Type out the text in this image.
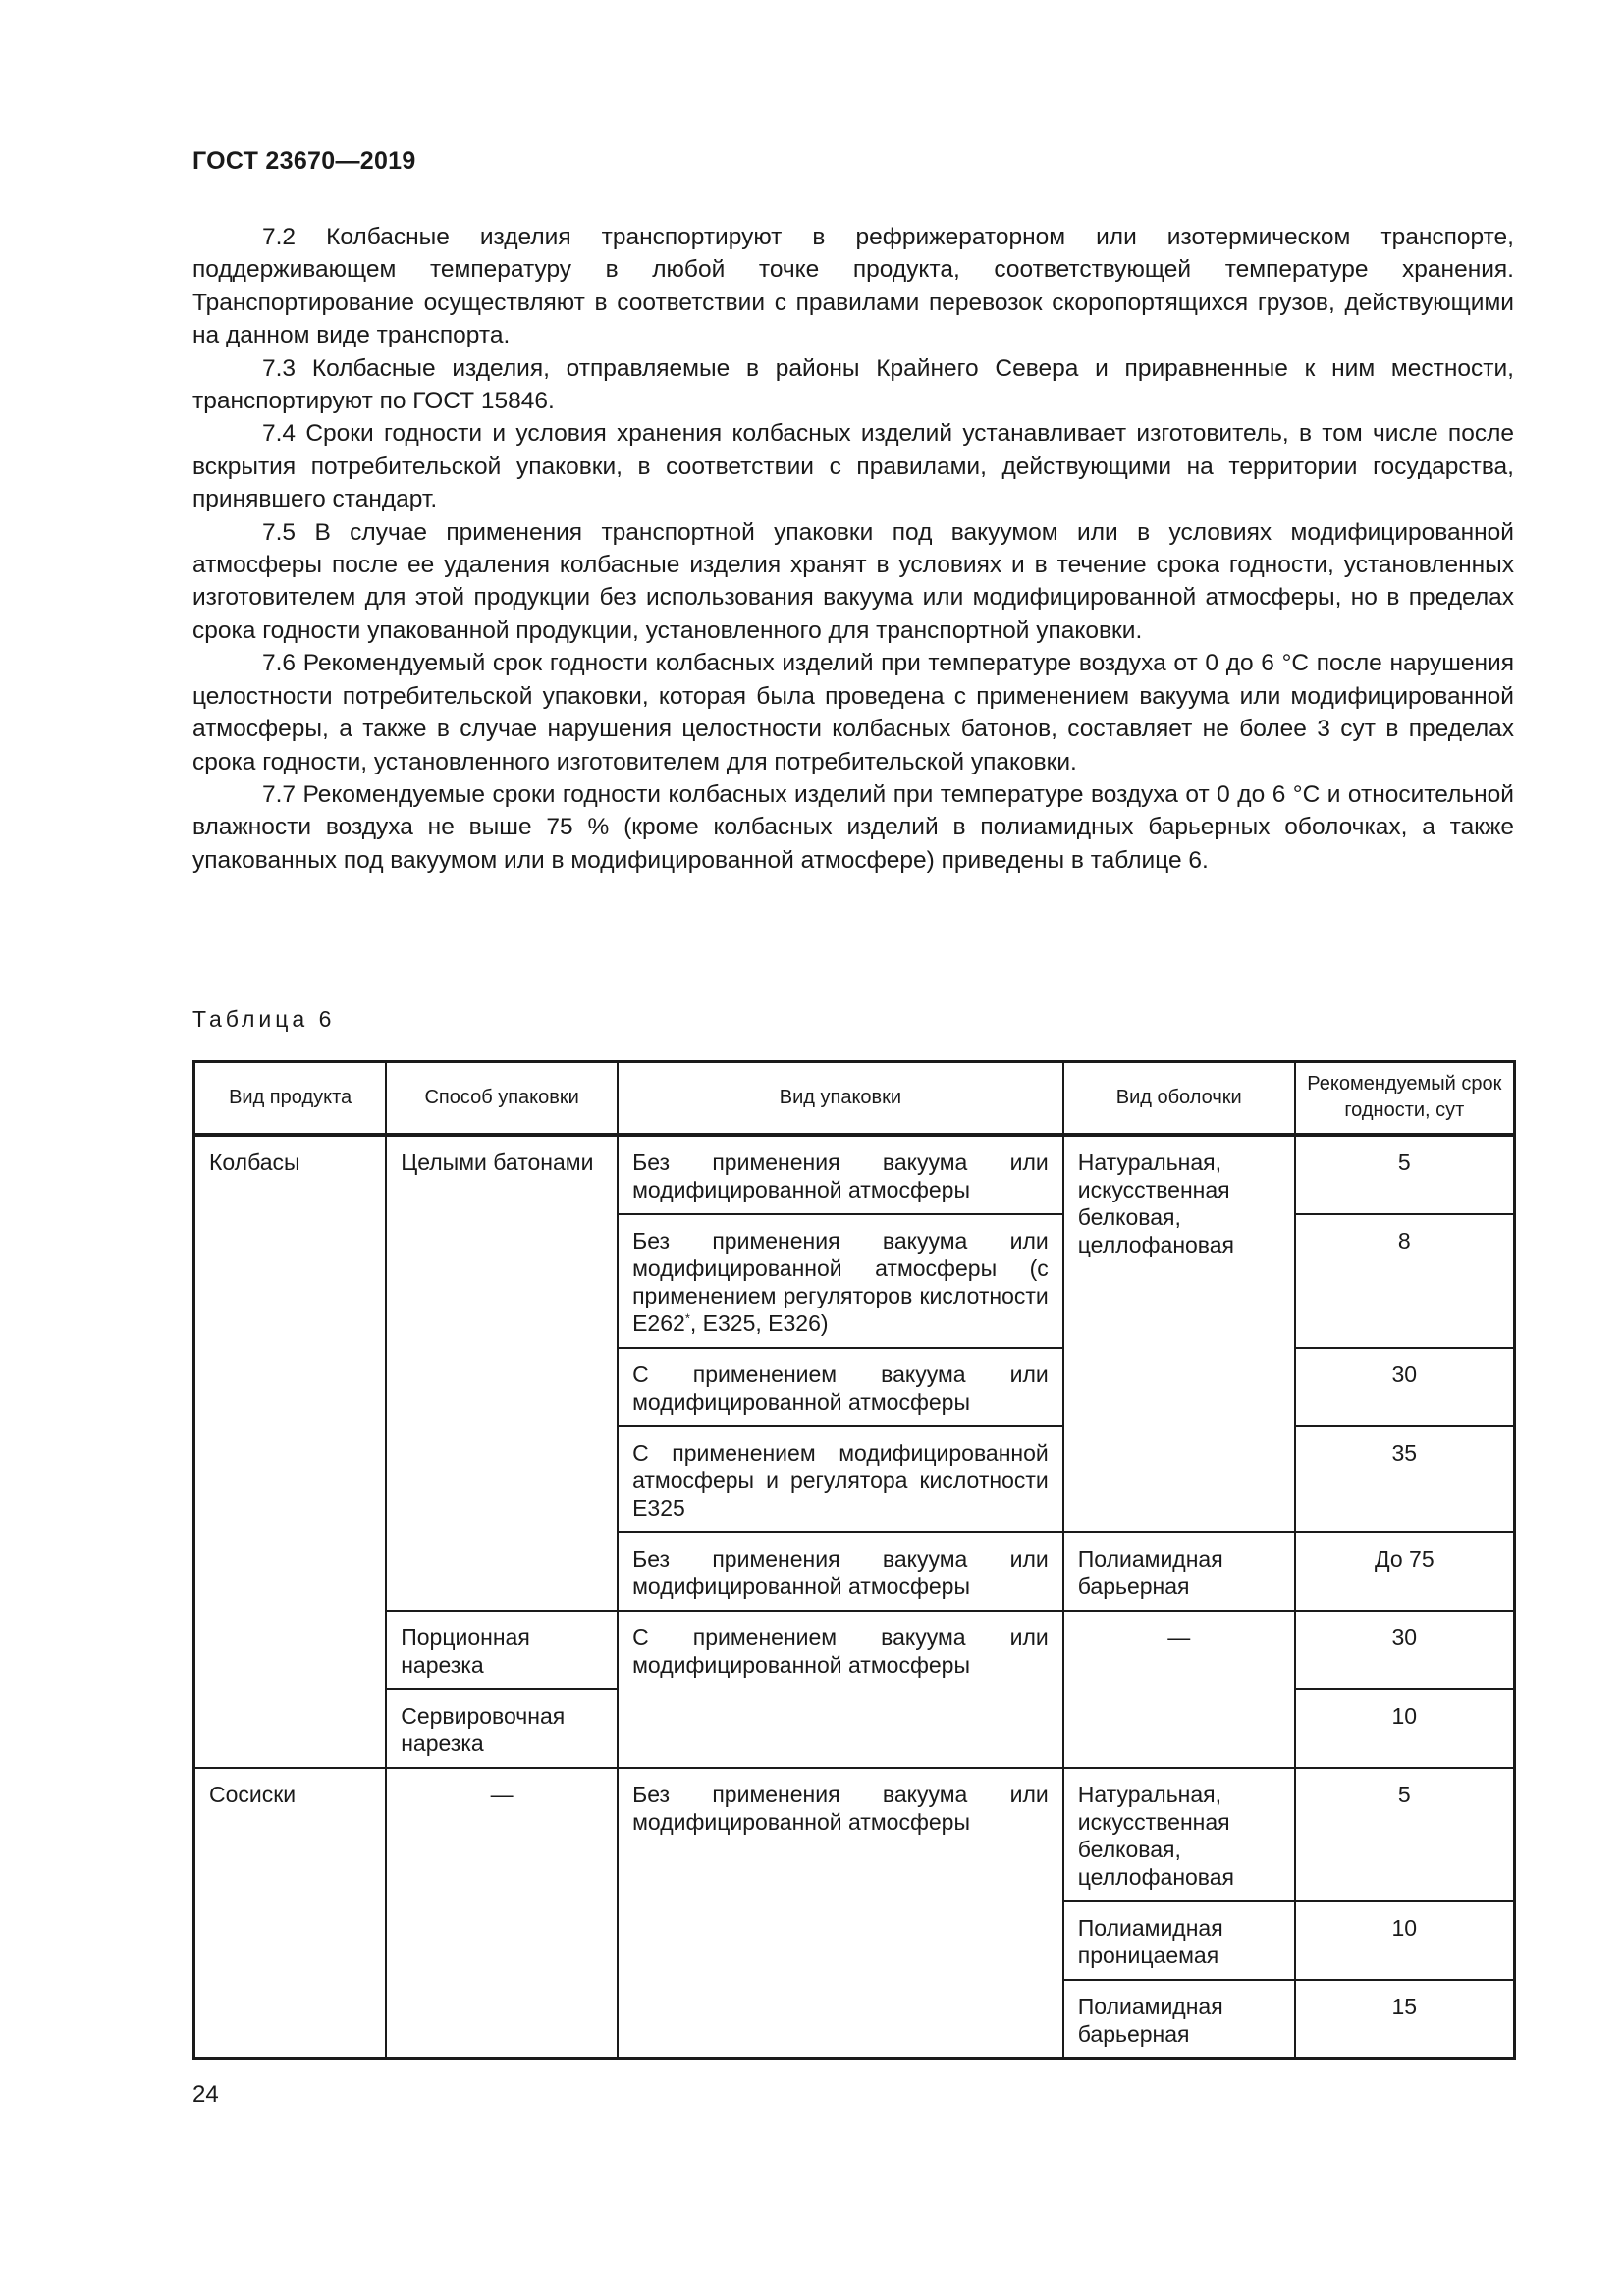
ГОСТ 23670—2019

7.2 Колбасные изделия транспортируют в рефрижераторном или изотермическом транспорте, поддерживающем температуру в любой точке продукта, соответствующей температуре хранения. Транспортирование осуществляют в соответствии с правилами перевозок скоропортящихся грузов, действующими на данном виде транспорта.

7.3 Колбасные изделия, отправляемые в районы Крайнего Севера и приравненные к ним местности, транспортируют по ГОСТ 15846.

7.4 Сроки годности и условия хранения колбасных изделий устанавливает изготовитель, в том числе после вскрытия потребительской упаковки, в соответствии с правилами, действующими на территории государства, принявшего стандарт.

7.5 В случае применения транспортной упаковки под вакуумом или в условиях модифицированной атмосферы после ее удаления колбасные изделия хранят в условиях и в течение срока годности, установленных изготовителем для этой продукции без использования вакуума или модифицированной атмосферы, но в пределах срока годности упакованной продукции, установленного для транспортной упаковки.

7.6 Рекомендуемый срок годности колбасных изделий при температуре воздуха от 0 до 6 °С после нарушения целостности потребительской упаковки, которая была проведена с применением вакуума или модифицированной атмосферы, а также в случае нарушения целостности колбасных батонов, составляет не более 3 сут в пределах срока годности, установленного изготовителем для потребительской упаковки.

7.7 Рекомендуемые сроки годности колбасных изделий при температуре воздуха от 0 до 6 °С и относительной влажности воздуха не выше 75 % (кроме колбасных изделий в полиамидных барьерных оболочках, а также упакованных под вакуумом или в модифицированной атмосфере) приведены в таблице 6.

Таблица 6
Вид продукта	Способ упаковки	Вид упаковки	Вид оболочки	Рекомендуемый срок годности, сут
Колбасы	Целыми батонами	Без применения вакуума или модифицированной атмосферы	Натуральная, искусственная белковая, целлофановая	5
		Без применения вакуума или модифицированной атмосферы (с применением регуляторов кислотности Е262*, Е325, Е326)		8
		С применением вакуума или модифицированной атмосферы		30
		С применением модифицированной атмосферы и регулятора кислотности Е325		35
		Без применения вакуума или модифицированной атмосферы	Полиамидная барьерная	До 75
	Порционная нарезка	С применением вакуума или модифицированной атмосферы	—	30
	Сервировочная нарезка			10
Сосиски	—	Без применения вакуума или модифицированной атмосферы	Натуральная, искусственная белковая, целлофановая	5
			Полиамидная проницаемая	10
			Полиамидная барьерная	15
24
